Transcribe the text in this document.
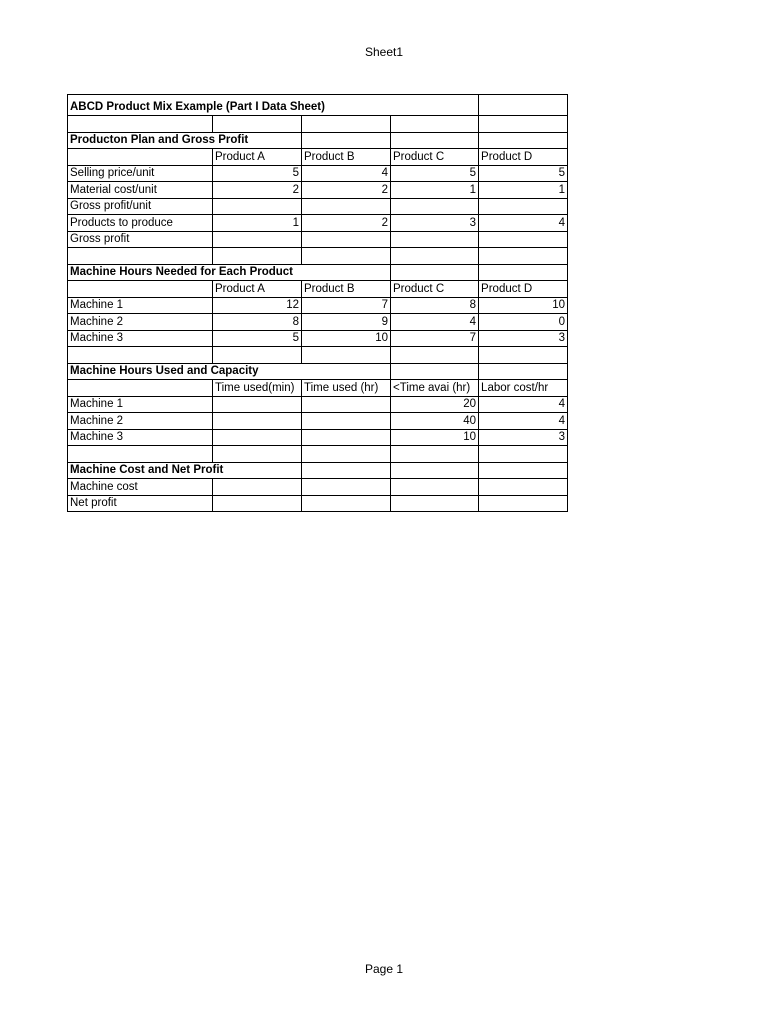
Sheet1
ABCD Product Mix Example (Part I Data Sheet)				

Producton Plan and Gross Profit				
	Product A	Product B	Product C	Product D
Selling price/unit	5	4	5	5
Material cost/unit	2	2	1	1
Gross profit/unit				
Products to produce	1	2	3	4
Gross profit				

Machine Hours Needed for Each Product				
	Product A	Product B	Product C	Product D
Machine 1	12	7	8	10
Machine 2	8	9	4	0
Machine 3	5	10	7	3

Machine Hours Used and Capacity				
	Time used(min)	Time used (hr)	<Time avai (hr)	Labor cost/hr
Machine 1			20	4
Machine 2			40	4
Machine 3			10	3

Machine Cost and Net Profit				
Machine cost				
Net profit				
Page 1
